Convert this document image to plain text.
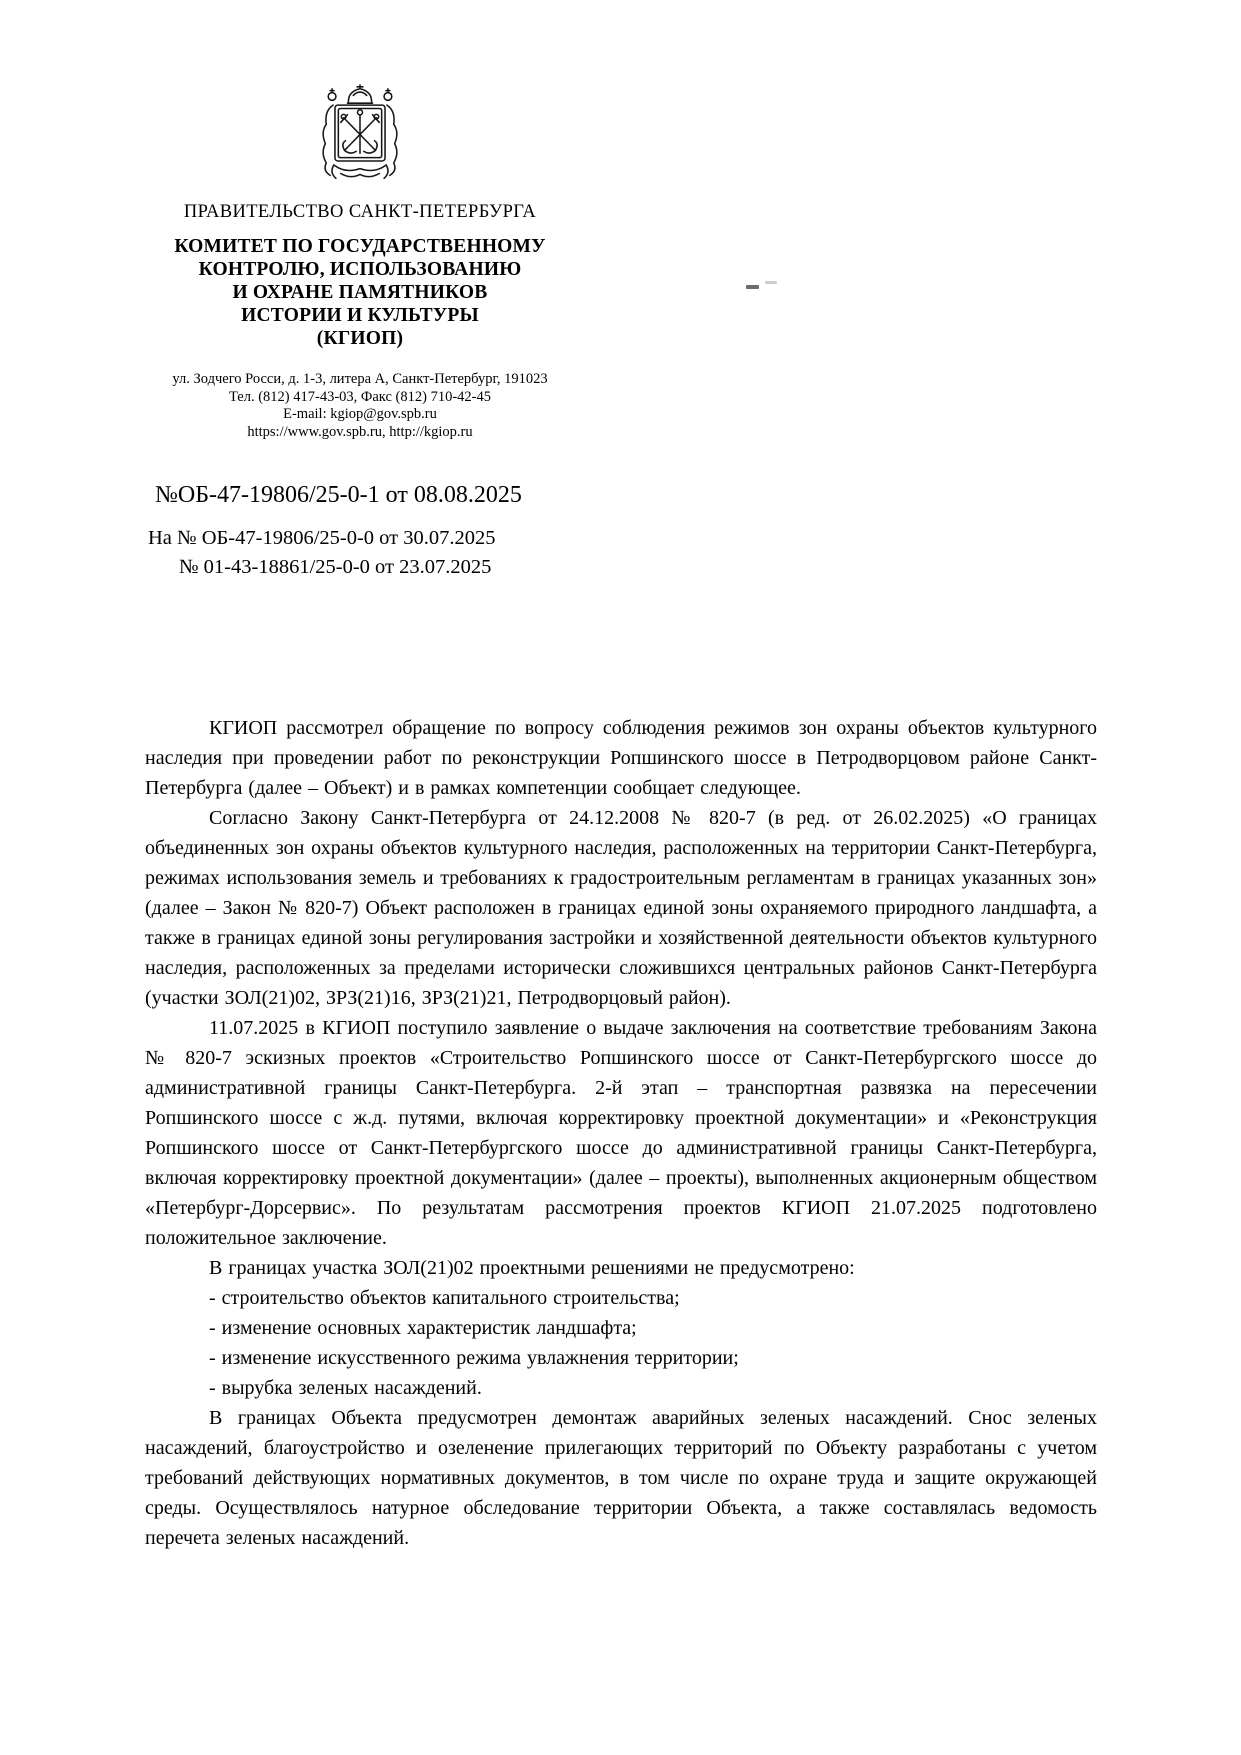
ПРАВИТЕЛЬСТВО САНКТ-ПЕТЕРБУРГА
КОМИТЕТ ПО ГОСУДАРСТВЕННОМУ
КОНТРОЛЮ, ИСПОЛЬЗОВАНИЮ
И ОХРАНЕ ПАМЯТНИКОВ
ИСТОРИИ И КУЛЬТУРЫ
(КГИОП)
ул. Зодчего Росси, д. 1-3, литера А, Санкт-Петербург, 191023
Тел. (812) 417-43-03, Факс (812) 710-42-45
E-mail: kgiop@gov.spb.ru
https://www.gov.spb.ru, http://kgiop.ru
№ОБ-47-19806/25-0-1 от 08.08.2025
На № ОБ-47-19806/25-0-0 от 30.07.2025
№ 01-43-18861/25-0-0 от 23.07.2025

КГИОП рассмотрел обращение по вопросу соблюдения режимов зон охраны объектов культурного наследия при проведении работ по реконструкции Ропшинского шоссе в Петродворцовом районе Санкт-Петербурга (далее – Объект) и в рамках компетенции сообщает следующее.

Согласно Закону Санкт-Петербурга от 24.12.2008 № 820-7 (в ред. от 26.02.2025) «О границах объединенных зон охраны объектов культурного наследия, расположенных на территории Санкт-Петербурга, режимах использования земель и требованиях к градостроительным регламентам в границах указанных зон» (далее – Закон № 820-7) Объект расположен в границах единой зоны охраняемого природного ландшафта, а также в границах единой зоны регулирования застройки и хозяйственной деятельности объектов культурного наследия, расположенных за пределами исторически сложившихся центральных районов Санкт-Петербурга (участки ЗОЛ(21)02, ЗРЗ(21)16, ЗРЗ(21)21, Петродворцовый район).

11.07.2025 в КГИОП поступило заявление о выдаче заключения на соответствие требованиям Закона № 820-7 эскизных проектов «Строительство Ропшинского шоссе от Санкт-Петербургского шоссе до административной границы Санкт-Петербурга. 2-й этап – транспортная развязка на пересечении Ропшинского шоссе с ж.д. путями, включая корректировку проектной документации» и «Реконструкция Ропшинского шоссе от Санкт-Петербургского шоссе до административной границы Санкт-Петербурга, включая корректировку проектной документации» (далее – проекты), выполненных акционерным обществом «Петербург-Дорсервис». По результатам рассмотрения проектов КГИОП 21.07.2025 подготовлено положительное заключение.

В границах участка ЗОЛ(21)02 проектными решениями не предусмотрено:

- строительство объектов капитального строительства;
- изменение основных характеристик ландшафта;
- изменение искусственного режима увлажнения территории;
- вырубка зеленых насаждений.

В границах Объекта предусмотрен демонтаж аварийных зеленых насаждений. Снос зеленых насаждений, благоустройство и озеленение прилегающих территорий по Объекту разработаны с учетом требований действующих нормативных документов, в том числе по охране труда и защите окружающей среды. Осуществлялось натурное обследование территории Объекта, а также составлялась ведомость перечета зеленых насаждений.
